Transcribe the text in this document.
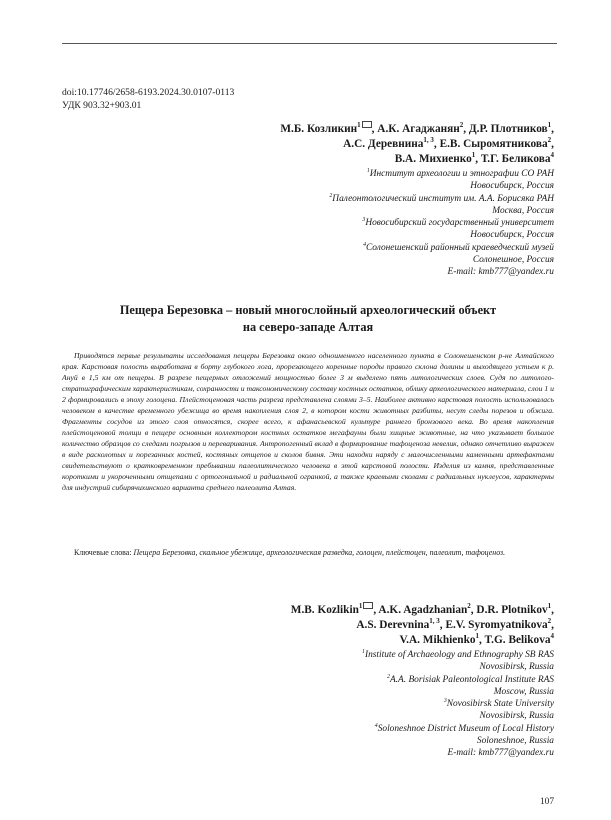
doi:10.17746/2658-6193.2024.30.0107-0113
УДК 903.32+903.01
М.Б. Козликин$^1$ , А.К. Агаджанян$^2$, Д.Р. Плотников$^1$,
А.С. Деревнина$^{1, 3}$, Е.В. Сыромятникова$^2$,
В.А. Михиенко$^1$, Т.Г. Беликова$^4$
$^1$Институт археологии и этнографии СО РАН
Новосибирск, Россия
$^2$Палеонтологический институт им. А.А. Борисяка РАН
Москва, Россия
$^3$Новосибирский государственный университет
Новосибирск, Россия
$^4$Солонешенский районный краеведческий музей
Солонешное, Россия
E-mail: kmb777@yandex.ru
Пещера Березовка – новый многослойный археологический объект
на северо-западе Алтая

Приводятся первые результаты исследования пещеры Березовка около одноименного населенного пункта в Солонешенском р-не Алтайского края. Карстовая полость выработана в борту глубокого лога, прорезающего коренные породы правого склона долины и выходящего устьем к р. Ануй в 1,5 км от пещеры. В разрезе пещерных отложений мощностью более 3 м выделено пять литологических слоев. Судя по литолого-стратиграфическим характеристикам, сохранности и таксономическому составу костных остатков, облику археологического материала, слои 1 и 2 формировались в эпоху голоцена. Плейстоценовая часть разреза представлена слоями 3–5. Наиболее активно карстовая полость использовалась человеком в качестве временного убежища во время накопления слоя 2, в котором кости животных разбиты, несут следы порезов и обжига. Фрагменты сосудов из этого слоя относятся, скорее всего, к афанасьевской культуре раннего бронзового века. Во время накопления плейстоценовой толщи в пещере основным коллектором костных остатков мегафауны были хищные животные, на что указывает большое количество образцов со следами погрызов и переваривания. Антропогенный вклад в формирование тафоценоза невелик, однако отчетливо выражен в виде расколотых и порезанных костей, костяных отщепов и сколов бивня. Эти находки наряду с малочисленными каменными артефактами свидетельствуют о кратковременном пребывании палеолитического человека в этой карстовой полости. Изделия из камня, представленные короткими и укороченными отщепами с ортогональной и радиальной огранкой, а также краевыми сколами с радиальных нуклеусов, характерны для индустрий сибирячихинского варианта среднего палеолита Алтая.

Ключевые слова: Пещера Березовка, скальное убежище, археологическая разведка, голоцен, плейстоцен, палеолит, тафоценоз.

M.B. Kozlikin$^1$ , A.K. Agadzhanian$^2$, D.R. Plotnikov$^1$,
A.S. Derevnina$^{1, 3}$, E.V. Syromyatnikova$^2$,
V.A. Mikhienko$^1$, T.G. Belikova$^4$
$^1$Institute of Archaeology and Ethnography SB RAS
Novosibirsk, Russia
$^2$A.A. Borisiak Paleontological Institute RAS
Moscow, Russia
$^3$Novosibirsk State University
Novosibirsk, Russia
$^4$Soloneshnoe District Museum of Local History
Soloneshnoe, Russia
E-mail: kmb777@yandex.ru
107
